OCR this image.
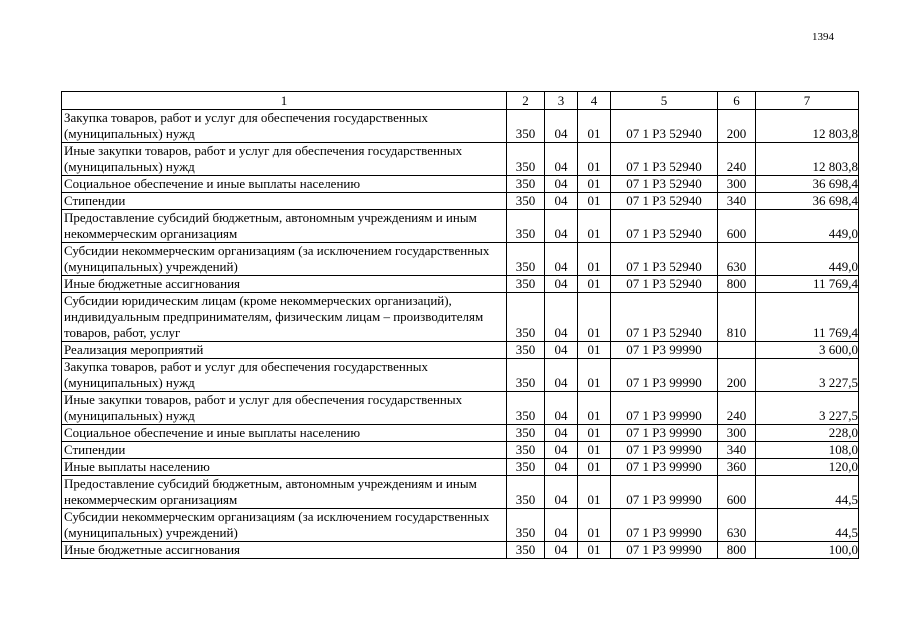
1394
1	2	3	4	5	6	7
Закупка товаров, работ и услуг для обеспечения государственных (муниципальных) нужд	350	04	01	07 1 Р3 52940	200	12 803,8
Иные закупки товаров, работ и услуг для обеспечения государственных (муниципальных) нужд	350	04	01	07 1 Р3 52940	240	12 803,8
Социальное обеспечение и иные выплаты населению	350	04	01	07 1 Р3 52940	300	36 698,4
Стипендии	350	04	01	07 1 Р3 52940	340	36 698,4
Предоставление субсидий бюджетным, автономным учреждениям и иным некоммерческим организациям	350	04	01	07 1 Р3 52940	600	449,0
Субсидии некоммерческим организациям (за исключением государственных (муниципальных) учреждений)	350	04	01	07 1 Р3 52940	630	449,0
Иные бюджетные ассигнования	350	04	01	07 1 Р3 52940	800	11 769,4
Субсидии юридическим лицам (кроме некоммерческих организаций), индивидуальным предпринимателям, физическим лицам – производителям товаров, работ, услуг	350	04	01	07 1 Р3 52940	810	11 769,4
Реализация мероприятий	350	04	01	07 1 Р3 99990		3 600,0
Закупка товаров, работ и услуг для обеспечения государственных (муниципальных) нужд	350	04	01	07 1 Р3 99990	200	3 227,5
Иные закупки товаров, работ и услуг для обеспечения государственных (муниципальных) нужд	350	04	01	07 1 Р3 99990	240	3 227,5
Социальное обеспечение и иные выплаты населению	350	04	01	07 1 Р3 99990	300	228,0
Стипендии	350	04	01	07 1 Р3 99990	340	108,0
Иные выплаты населению	350	04	01	07 1 Р3 99990	360	120,0
Предоставление субсидий бюджетным, автономным учреждениям и иным некоммерческим организациям	350	04	01	07 1 Р3 99990	600	44,5
Субсидии некоммерческим организациям (за исключением государственных (муниципальных) учреждений)	350	04	01	07 1 Р3 99990	630	44,5
Иные бюджетные ассигнования	350	04	01	07 1 Р3 99990	800	100,0
